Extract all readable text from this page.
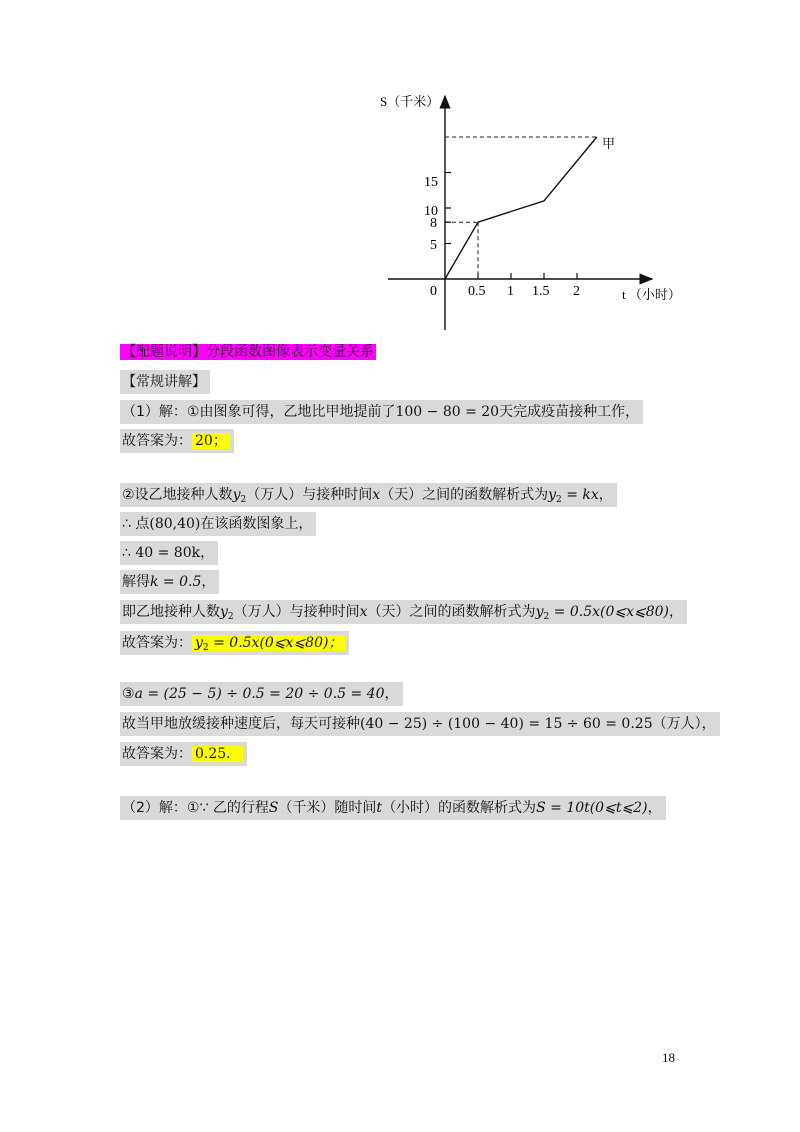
S（千米）
t （小时）
0
5
8
10
15
0.5 1 1.5 2
甲
【配题说明】分段函数图像表示变量关系
【常规讲解】
（1）解：①由图象可得，乙地比甲地提前了100 − 80 = 20天完成疫苗接种工作，
故答案为： 20；
②设乙地接种人数$y_2$（万人）与接种时间x（天）之间的函数解析式为$y_2$ = kx，
∴ 点(80,40)在该函数图象上，
∴ 40 = 80k，
解得k = 0.5，
即乙地接种人数$y_2$（万人）与接种时间x（天）之间的函数解析式为$y_2$ = 0.5x(0⩽x⩽80)，
故答案为： $y_2$ = 0.5x(0⩽x⩽80)；
③a = (25 − 5) ÷ 0.5 = 20 ÷ 0.5 = 40，
故当甲地放缓接种速度后，每天可接种(40 − 25) ÷ (100 − 40) = 15 ÷ 60 = 0.25（万人），
故答案为： 0.25．
（2）解：①∵ 乙的行程S（千米）随时间t（小时）的函数解析式为S = 10t(0⩽t⩽2)，
18
